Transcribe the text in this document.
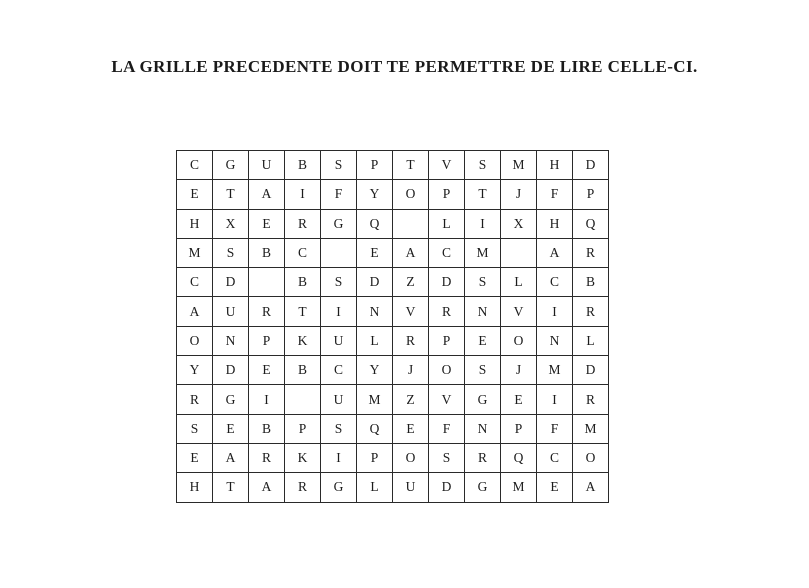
LA GRILLE PRECEDENTE DOIT TE PERMETTRE DE LIRE CELLE-CI.
C	G	U	B	S	P	T	V	S	M	H	D
E	T	A	I	F	Y	O	P	T	J	F	P
H	X	E	R	G	Q		L	I	X	H	Q
M	S	B	C		E	A	C	M		A	R
C	D		B	S	D	Z	D	S	L	C	B
A	U	R	T	I	N	V	R	N	V	I	R
O	N	P	K	U	L	R	P	E	O	N	L
Y	D	E	B	C	Y	J	O	S	J	M	D
R	G	I		U	M	Z	V	G	E	I	R
S	E	B	P	S	Q	E	F	N	P	F	M
E	A	R	K	I	P	O	S	R	Q	C	O
H	T	A	R	G	L	U	D	G	M	E	A
